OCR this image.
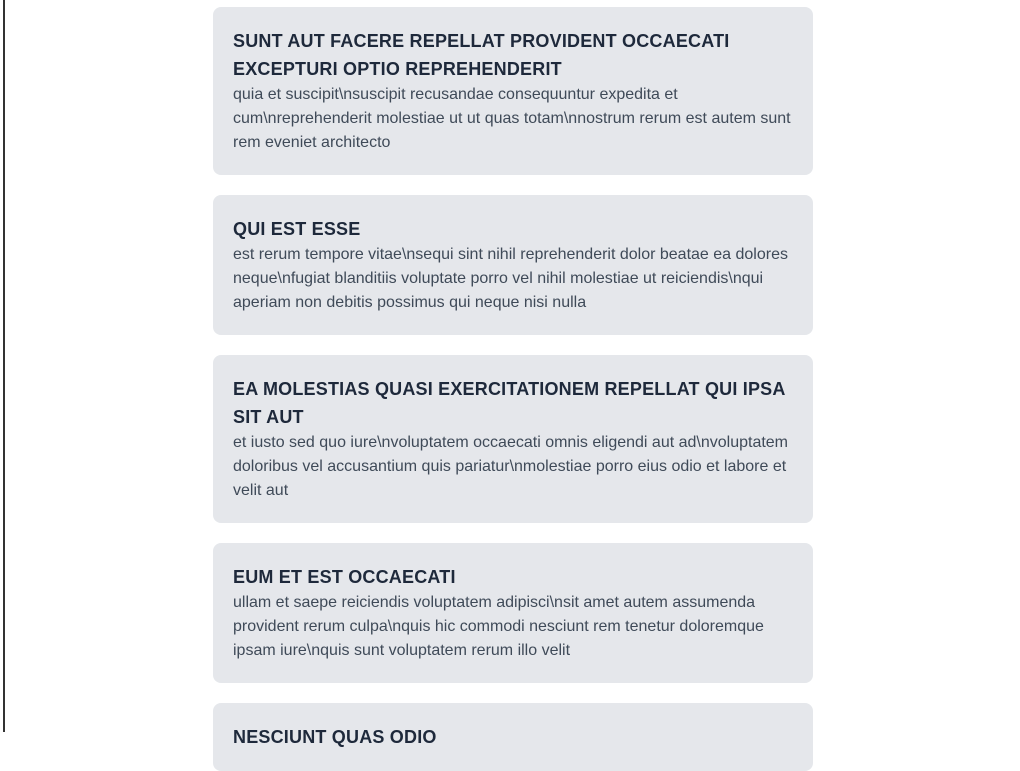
SUNT AUT FACERE REPELLAT PROVIDENT OCCAECATI EXCEPTURI OPTIO REPREHENDERIT
quia et suscipit\nsuscipit recusandae consequuntur expedita et cum\nreprehenderit molestiae ut ut quas totam\nnostrum rerum est autem sunt rem eveniet architecto
QUI EST ESSE
est rerum tempore vitae\nsequi sint nihil reprehenderit dolor beatae ea dolores neque\nfugiat blanditiis voluptate porro vel nihil molestiae ut reiciendis\nqui aperiam non debitis possimus qui neque nisi nulla
EA MOLESTIAS QUASI EXERCITATIONEM REPELLAT QUI IPSA SIT AUT
et iusto sed quo iure\nvoluptatem occaecati omnis eligendi aut ad\nvoluptatem doloribus vel accusantium quis pariatur\nmolestiae porro eius odio et labore et velit aut
EUM ET EST OCCAECATI
ullam et saepe reiciendis voluptatem adipisci\nsit amet autem assumenda provident rerum culpa\nquis hic commodi nesciunt rem tenetur doloremque ipsam iure\nquis sunt voluptatem rerum illo velit
NESCIUNT QUAS ODIO
